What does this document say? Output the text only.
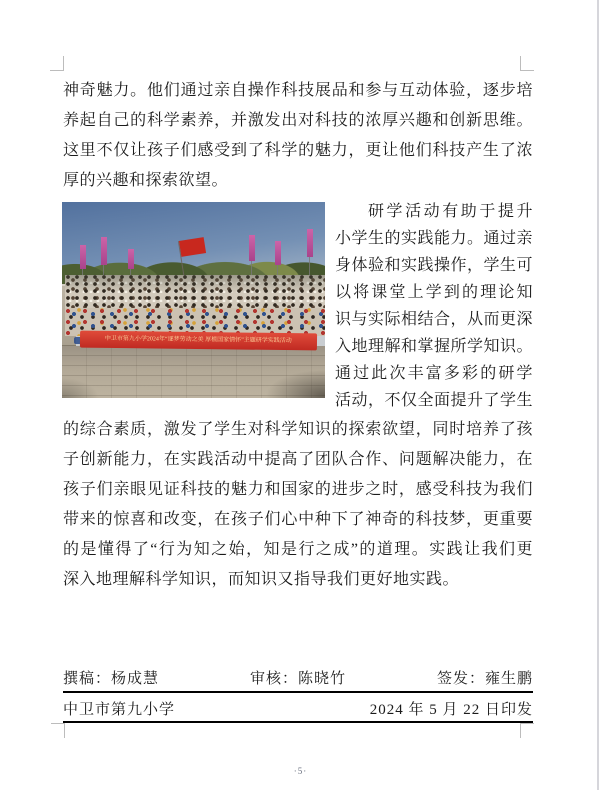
神奇魅力。他们通过亲自操作科技展品和参与互动体验，逐步培
养起自己的科学素养，并激发出对科技的浓厚兴趣和创新思维。
这里不仅让孩子们感受到了科学的魅力，更让他们科技产生了浓
厚的兴趣和探索欲望。
中卫市第九小学2024年“逐梦劳动之美 厚植国家情怀”主题研学实践活动
研学活动有助于提升
小学生的实践能力。通过亲
身体验和实践操作，学生可
以将课堂上学到的理论知
识与实际相结合，从而更深
入地理解和掌握所学知识。
通过此次丰富多彩的研学
活动，不仅全面提升了学生
的综合素质，激发了学生对科学知识的探索欲望，同时培养了孩
子创新能力，在实践活动中提高了团队合作、问题解决能力，在
孩子们亲眼见证科技的魅力和国家的进步之时，感受科技为我们
带来的惊喜和改变，在孩子们心中种下了神奇的科技梦，更重要
的是懂得了“行为知之始，知是行之成”的道理。实践让我们更
深入地理解科学知识，而知识又指导我们更好地实践。
撰稿：杨成慧	审核：陈晓竹	签发：雍生鹏
中卫市第九小学	2024 年 5 月 22 日印发
·5·
